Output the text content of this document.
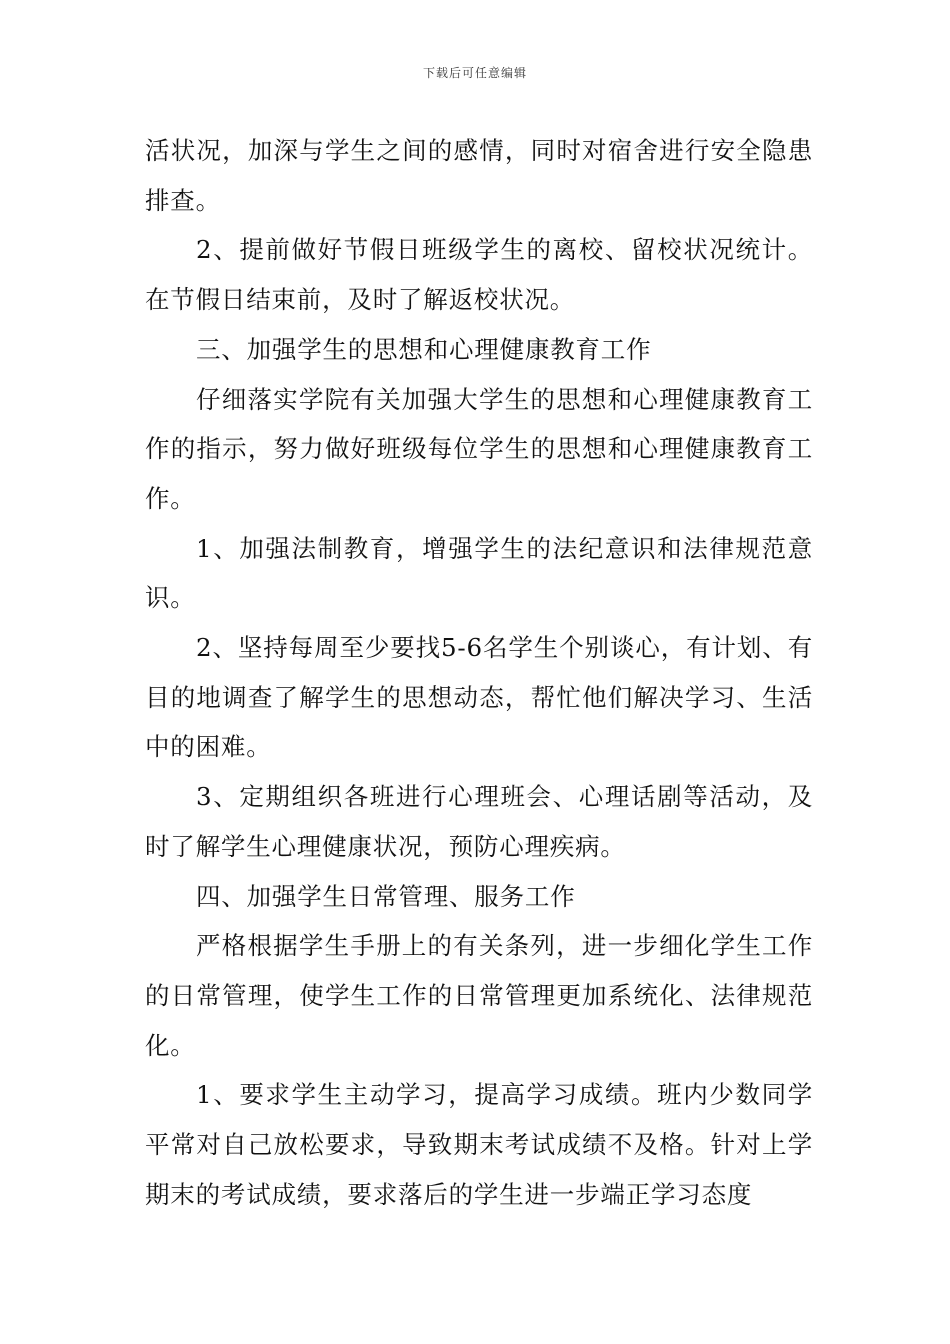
下载后可任意编辑

活状况，加深与学生之间的感情，同时对宿舍进行安全隐患排查。

2、提前做好节假日班级学生的离校、留校状况统计。在节假日结束前，及时了解返校状况。

三、加强学生的思想和心理健康教育工作

仔细落实学院有关加强大学生的思想和心理健康教育工作的指示，努力做好班级每位学生的思想和心理健康教育工作。

1、加强法制教育，增强学生的法纪意识和法律规范意识。

2、坚持每周至少要找5-6名学生个别谈心，有计划、有目的地调查了解学生的思想动态，帮忙他们解决学习、生活中的困难。

3、定期组织各班进行心理班会、心理话剧等活动，及时了解学生心理健康状况，预防心理疾病。

四、加强学生日常管理、服务工作

严格根据学生手册上的有关条列，进一步细化学生工作的日常管理，使学生工作的日常管理更加系统化、法律规范化。

1、要求学生主动学习，提高学习成绩。班内少数同学平常对自己放松要求，导致期末考试成绩不及格。针对上学期末的考试成绩，要求落后的学生进一步端正学习态度
